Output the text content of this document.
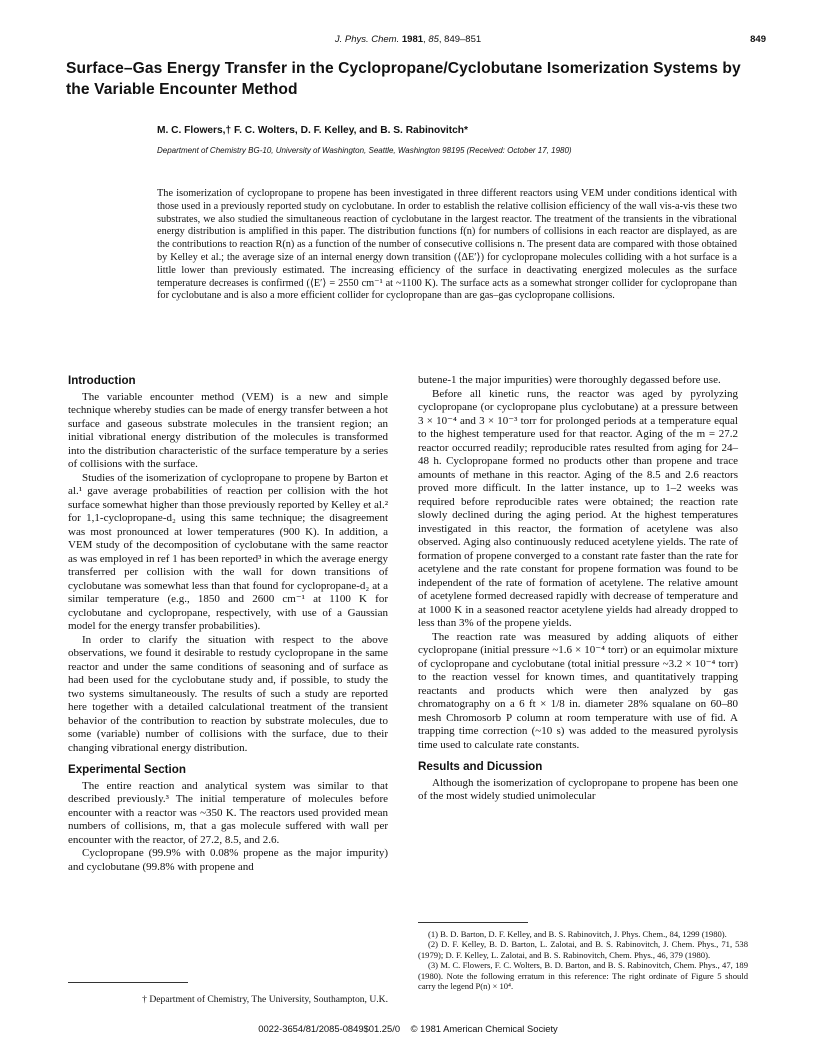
J. Phys. Chem. 1981, 85, 849–851	849
Surface–Gas Energy Transfer in the Cyclopropane/Cyclobutane Isomerization Systems by the Variable Encounter Method
M. C. Flowers,† F. C. Wolters, D. F. Kelley, and B. S. Rabinovitch*
Department of Chemistry BG-10, University of Washington, Seattle, Washington 98195 (Received: October 17, 1980)

The isomerization of cyclopropane to propene has been investigated in three different reactors using VEM under conditions identical with those used in a previously reported study on cyclobutane. In order to establish the relative collision efficiency of the wall vis-a-vis these two substrates, we also studied the simultaneous reaction of cyclobutane in the largest reactor. The treatment of the transients in the vibrational energy distribution is amplified in this paper. The distribution functions f(n) for numbers of collisions in each reactor are displayed, as are the contributions to reaction R(n) as a function of the number of consecutive collisions n. The present data are compared with those obtained by Kelley et al.; the average size of an internal energy down transition (⟨ΔE′⟩) for cyclopropane molecules colliding with a hot surface is a little lower than previously estimated. The increasing efficiency of the surface in deactivating energized molecules as the surface temperature decreases is confirmed (⟨E′⟩ = 2550 cm⁻¹ at ~1100 K). The surface acts as a somewhat stronger collider for cyclopropane than for cyclobutane and is also a more efficient collider for cyclopropane than are gas–gas cyclopropane collisions.

Introduction

The variable encounter method (VEM) is a new and simple technique whereby studies can be made of energy transfer between a hot surface and gaseous substrate molecules in the transient region; an initial vibrational energy distribution of the molecules is transformed into the distribution characteristic of the surface temperature by a series of collisions with the surface.

Studies of the isomerization of cyclopropane to propene by Barton et al.¹ gave average probabilities of reaction per collision with the hot surface somewhat higher than those previously reported by Kelley et al.² for 1,1-cyclopropane-d₂ using this same technique; the disagreement was most pronounced at lower temperatures (900 K). In addition, a VEM study of the decomposition of cyclobutane with the same reactor as was employed in ref 1 has been reported³ in which the average energy transferred per collision with the wall for down transitions of cyclobutane was somewhat less than that found for cyclopropane-d₂ at a similar temperature (e.g., 1850 and 2600 cm⁻¹ at 1100 K for cyclobutane and cyclopropane, respectively, with use of a Gaussian model for the energy transfer probabilities).

In order to clarify the situation with respect to the above observations, we found it desirable to restudy cyclopropane in the same reactor and under the same conditions of seasoning and of surface as had been used for the cyclobutane study and, if possible, to study the two systems simultaneously. The results of such a study are reported here together with a detailed calculational treatment of the transient behavior of the contribution to reaction by substrate molecules, due to some (variable) number of collisions with the surface, due to their changing vibrational energy distribution.

Experimental Section

The entire reaction and analytical system was similar to that described previously.³ The initial temperature of molecules before encounter with a reactor was ~350 K. The reactors used provided mean numbers of collisions, m, that a gas molecule suffered with wall per encounter with the reactor, of 27.2, 8.5, and 2.6.

Cyclopropane (99.9% with 0.08% propene as the major impurity) and cyclobutane (99.8% with propene and

butene-1 the major impurities) were thoroughly degassed before use.

Before all kinetic runs, the reactor was aged by pyrolyzing cyclopropane (or cyclopropane plus cyclobutane) at a pressure between 3 × 10⁻⁴ and 3 × 10⁻³ torr for prolonged periods at a temperature equal to the highest temperature used for that reactor. Aging of the m = 27.2 reactor occurred readily; reproducible rates resulted from aging for 24–48 h. Cyclopropane formed no products other than propene and trace amounts of methane in this reactor. Aging of the 8.5 and 2.6 reactors proved more difficult. In the latter instance, up to 1–2 weeks was required before reproducible rates were obtained; the reaction rate slowly declined during the aging period. At the highest temperatures investigated in this reactor, the formation of acetylene was also observed. Aging also continuously reduced acetylene yields. The rate of formation of propene converged to a constant rate faster than the rate for acetylene and the rate constant for propene formation was found to be independent of the rate of formation of acetylene. The relative amount of acetylene formed decreased rapidly with decrease of temperature and at 1000 K in a seasoned reactor acetylene yields had already dropped to less than 3% of the propene yields.

The reaction rate was measured by adding aliquots of either cyclopropane (initial pressure ~1.6 × 10⁻⁴ torr) or an equimolar mixture of cyclopropane and cyclobutane (total initial pressure ~3.2 × 10⁻⁴ torr) to the reaction vessel for known times, and quantitatively trapping reactants and products which were then analyzed by gas chromatography on a 6 ft × 1/8 in. diameter 28% squalane on 60–80 mesh Chromosorb P column at room temperature with use of fid. A trapping time correction (~10 s) was added to the measured pyrolysis time used to calculate rate constants.

Results and Dicussion

Although the isomerization of cyclopropane to propene has been one of the most widely studied unimolecular

† Department of Chemistry, The University, Southampton, U.K.

(1) B. D. Barton, D. F. Kelley, and B. S. Rabinovitch, J. Phys. Chem., 84, 1299 (1980).

(2) D. F. Kelley, B. D. Barton, L. Zalotai, and B. S. Rabinovitch, J. Chem. Phys., 71, 538 (1979); D. F. Kelley, L. Zalotai, and B. S. Rabinovitch, Chem. Phys., 46, 379 (1980).

(3) M. C. Flowers, F. C. Wolters, B. D. Barton, and B. S. Rabinovitch, Chem. Phys., 47, 189 (1980). Note the following erratum in this reference: The right ordinate of Figure 5 should carry the legend P(n) × 10⁴.

0022-3654/81/2085-0849$01.25/0 © 1981 American Chemical Society
